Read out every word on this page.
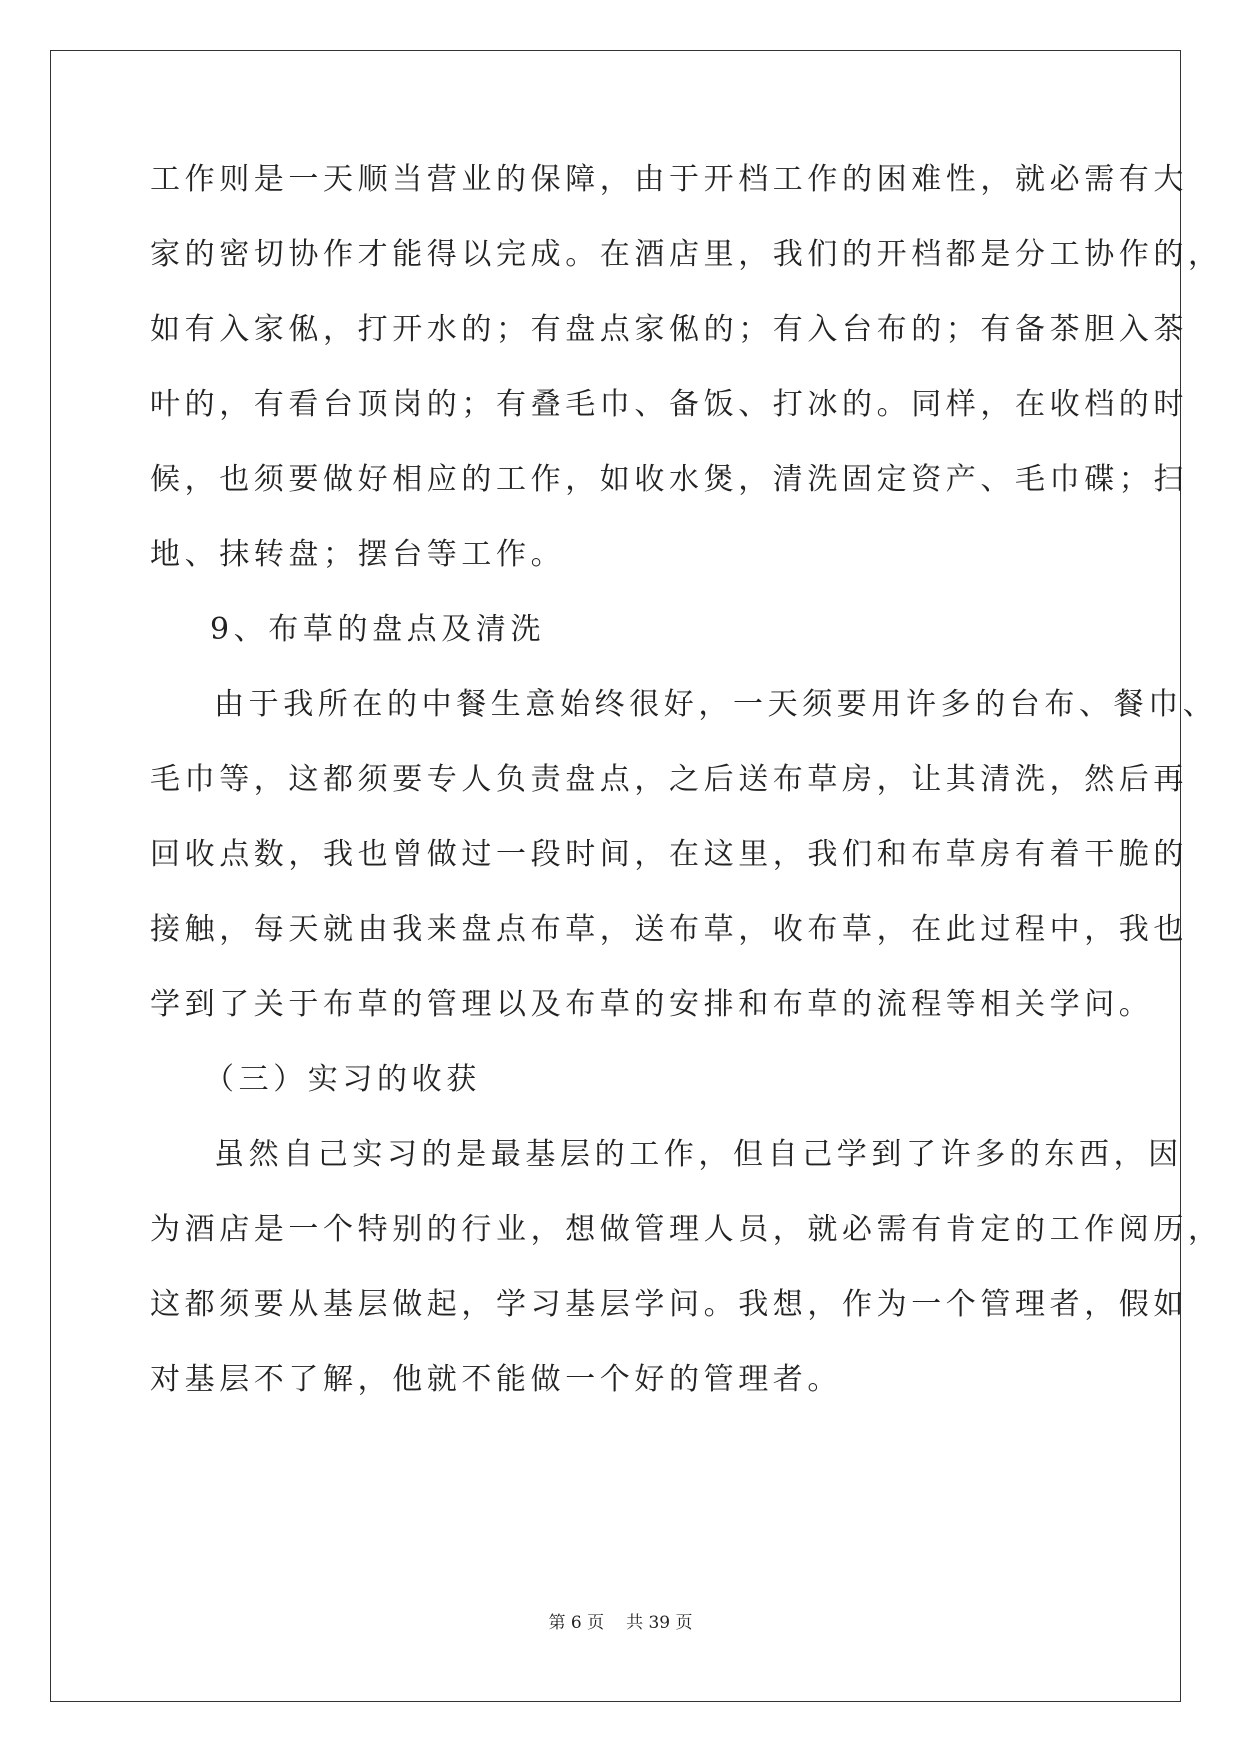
工作则是一天顺当营业的保障，由于开档工作的困难性，就必需有大
家的密切协作才能得以完成。在酒店里，我们的开档都是分工协作的，
如有入家俬，打开水的；有盘点家俬的；有入台布的；有备茶胆入茶
叶的，有看台顶岗的；有叠毛巾、备饭、打冰的。同样，在收档的时
候，也须要做好相应的工作，如收水煲，清洗固定资产、毛巾碟；扫
地、抹转盘；摆台等工作。
9、布草的盘点及清洗
由于我所在的中餐生意始终很好，一天须要用许多的台布、餐巾、
毛巾等，这都须要专人负责盘点，之后送布草房，让其清洗，然后再
回收点数，我也曾做过一段时间，在这里，我们和布草房有着干脆的
接触，每天就由我来盘点布草，送布草，收布草，在此过程中，我也
学到了关于布草的管理以及布草的安排和布草的流程等相关学问。
（三）实习的收获
虽然自己实习的是最基层的工作，但自己学到了许多的东西，因
为酒店是一个特别的行业，想做管理人员，就必需有肯定的工作阅历，
这都须要从基层做起，学习基层学问。我想，作为一个管理者，假如
对基层不了解，他就不能做一个好的管理者。
第 6 页 共 39 页
